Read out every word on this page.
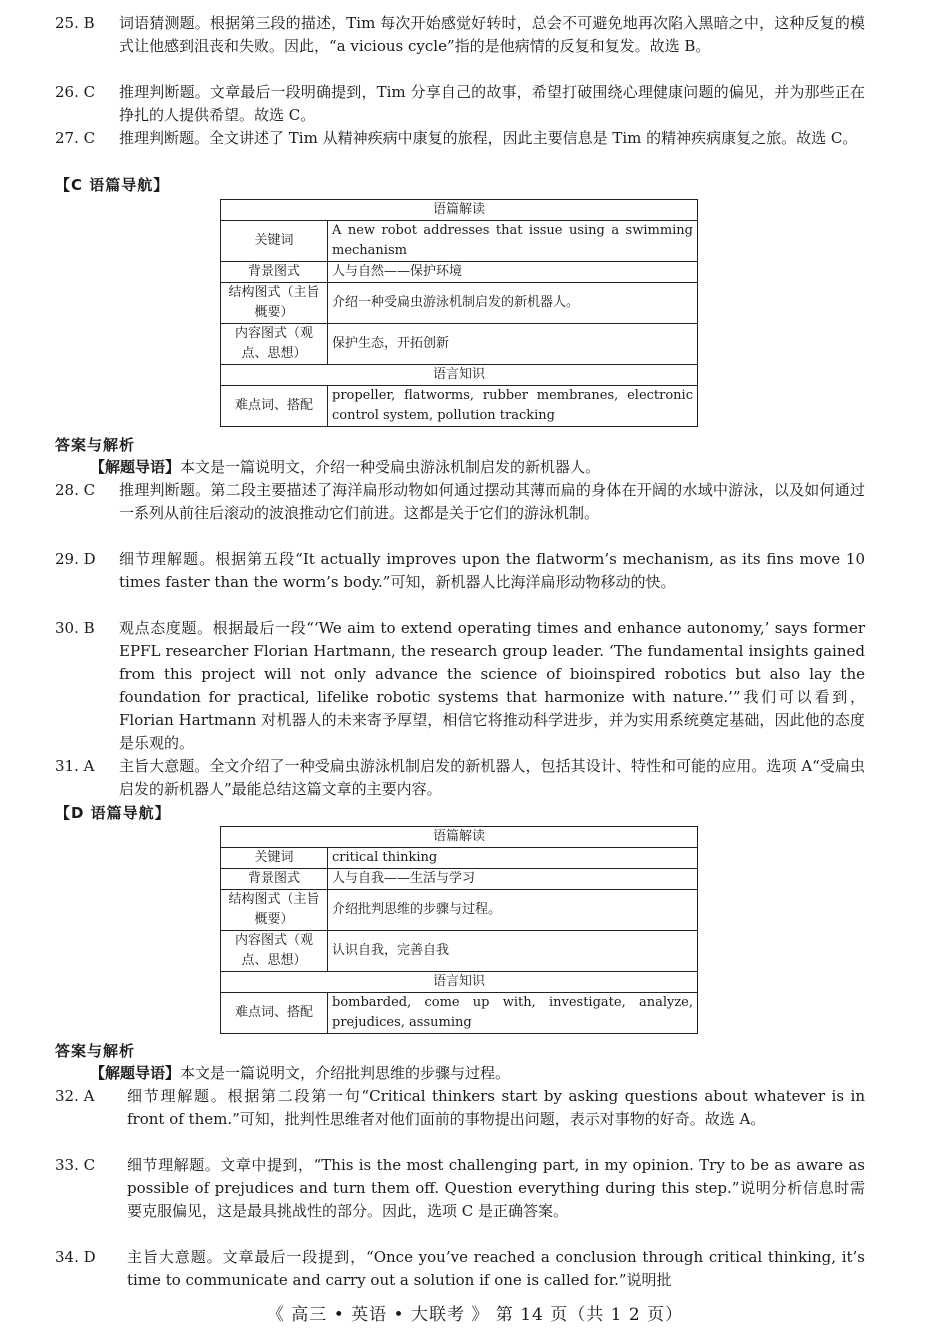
25. B	词语猜测题。根据第三段的描述，Tim 每次开始感觉好转时，总会不可避免地再次陷入黑暗之中，这种反复的模式让他感到沮丧和失败。因此，“a vicious cycle”指的是他病情的反复和复发。故选 B。
26. C	推理判断题。文章最后一段明确提到，Tim 分享自己的故事，希望打破围绕心理健康问题的偏见，并为那些正在挣扎的人提供希望。故选 C。
27. C	推理判断题。全文讲述了 Tim 从精神疾病中康复的旅程，因此主要信息是 Tim 的精神疾病康复之旅。故选 C。
【C 语篇导航】
语篇解读	
关键词	A new robot addresses that issue using a swimming mechanism
背景图式	人与自然——保护环境
结构图式（主旨概要）	介绍一种受扁虫游泳机制启发的新机器人。
内容图式（观点、思想）	保护生态，开拓创新
语言知识	
难点词、搭配	propeller, flatworms, rubber membranes, electronic control system, pollution tracking
答案与解析
【解题导语】本文是一篇说明文，介绍一种受扁虫游泳机制启发的新机器人。
28. C	推理判断题。第二段主要描述了海洋扁形动物如何通过摆动其薄而扁的身体在开阔的水域中游泳，以及如何通过一系列从前往后滚动的波浪推动它们前进。这都是关于它们的游泳机制。
29. D	细节理解题。根据第五段“It actually improves upon the flatworm’s mechanism, as its fins move 10 times faster than the worm’s body.”可知，新机器人比海洋扁形动物移动的快。
30. B	观点态度题。根据最后一段“‘We aim to extend operating times and enhance autonomy,’ says former EPFL researcher Florian Hartmann, the research group leader. ‘The fundamental insights gained from this project will not only advance the science of bioinspired robotics but also lay the foundation for practical, lifelike robotic systems that harmonize with nature.’”我们可以看到，Florian Hartmann 对机器人的未来寄予厚望，相信它将推动科学进步，并为实用系统奠定基础，因此他的态度是乐观的。
31. A	主旨大意题。全文介绍了一种受扁虫游泳机制启发的新机器人，包括其设计、特性和可能的应用。选项 A“受扁虫启发的新机器人”最能总结这篇文章的主要内容。
【D 语篇导航】
语篇解读	
关键词	critical thinking
背景图式	人与自我——生活与学习
结构图式（主旨概要）	介绍批判思维的步骤与过程。
内容图式（观点、思想）	认识自我，完善自我
语言知识	
难点词、搭配	bombarded, come up with, investigate, analyze, prejudices, assuming
答案与解析
【解题导语】本文是一篇说明文，介绍批判思维的步骤与过程。
32. A	细节理解题。根据第二段第一句“Critical thinkers start by asking questions about whatever is in front of them.”可知，批判性思维者对他们面前的事物提出问题，表示对事物的好奇。故选 A。
33. C	细节理解题。文章中提到，“This is the most challenging part, in my opinion. Try to be as aware as possible of prejudices and turn them off. Question everything during this step.”说明分析信息时需要克服偏见，这是最具挑战性的部分。因此，选项 C 是正确答案。
34. D	主旨大意题。文章最后一段提到，“Once you’ve reached a conclusion through critical thinking, it’s time to communicate and carry out a solution if one is called for.”说明批
《 高三 • 英语 • 大联考 》 第 14 页（共 1 2 页）
